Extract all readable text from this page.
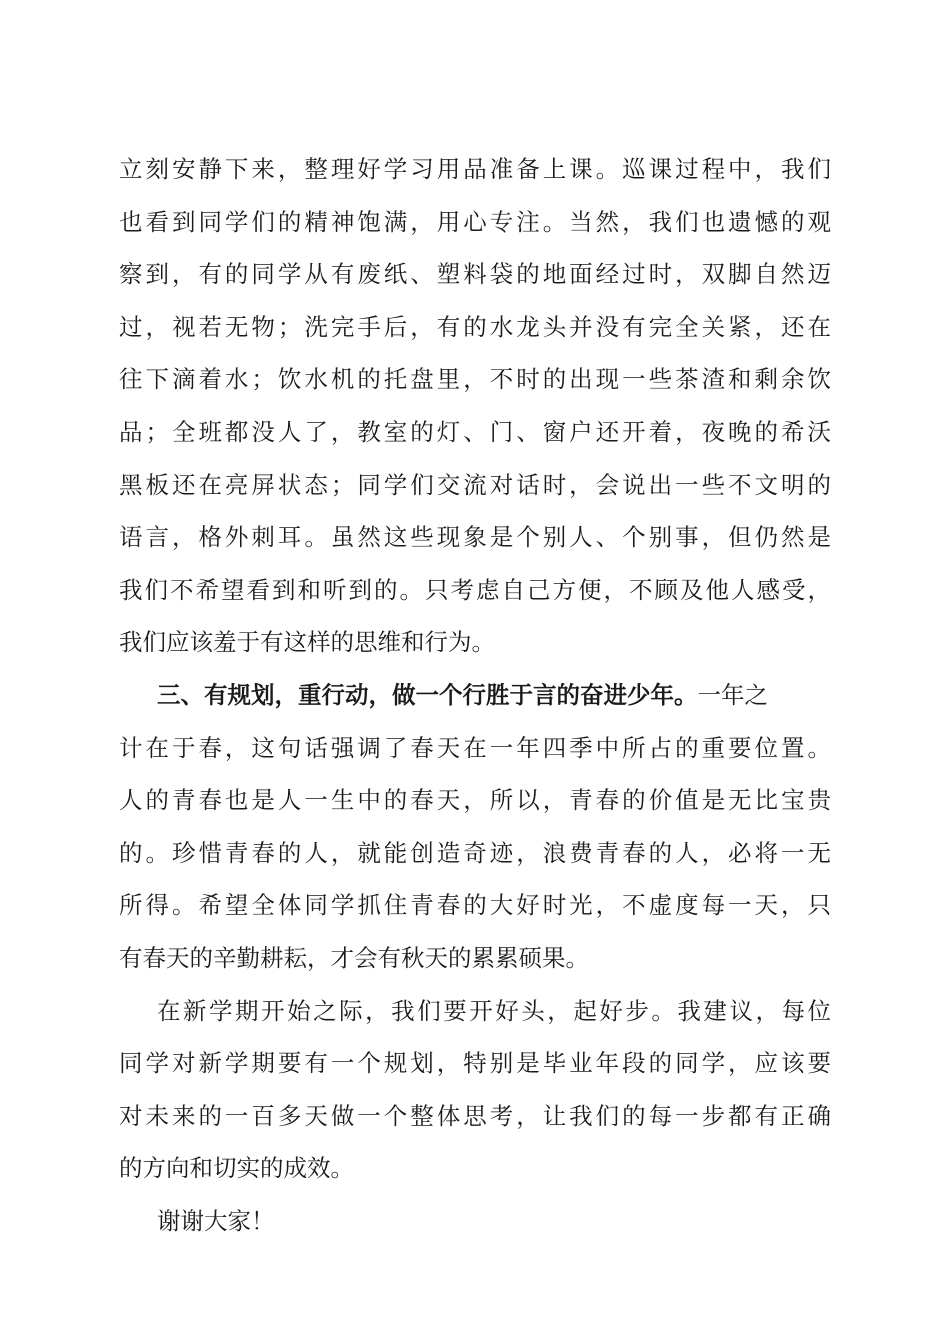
立刻安静下来，整理好学习用品准备上课。巡课过程中，我们
也看到同学们的精神饱满，用心专注。当然，我们也遗憾的观
察到，有的同学从有废纸、塑料袋的地面经过时，双脚自然迈
过，视若无物；洗完手后，有的水龙头并没有完全关紧，还在
往下滴着水；饮水机的托盘里，不时的出现一些茶渣和剩余饮
品；全班都没人了，教室的灯、门、窗户还开着，夜晚的希沃
黑板还在亮屏状态；同学们交流对话时，会说出一些不文明的
语言，格外刺耳。虽然这些现象是个别人、个别事，但仍然是
我们不希望看到和听到的。只考虑自己方便，不顾及他人感受，
我们应该羞于有这样的思维和行为。
三、有规划，重行动，做一个行胜于言的奋进少年。一年之
计在于春，这句话强调了春天在一年四季中所占的重要位置。
人的青春也是人一生中的春天，所以，青春的价值是无比宝贵
的。珍惜青春的人，就能创造奇迹，浪费青春的人，必将一无
所得。希望全体同学抓住青春的大好时光，不虚度每一天，只
有春天的辛勤耕耘，才会有秋天的累累硕果。
在新学期开始之际，我们要开好头，起好步。我建议，每位
同学对新学期要有一个规划，特别是毕业年段的同学，应该要
对未来的一百多天做一个整体思考，让我们的每一步都有正确
的方向和切实的成效。
谢谢大家！
